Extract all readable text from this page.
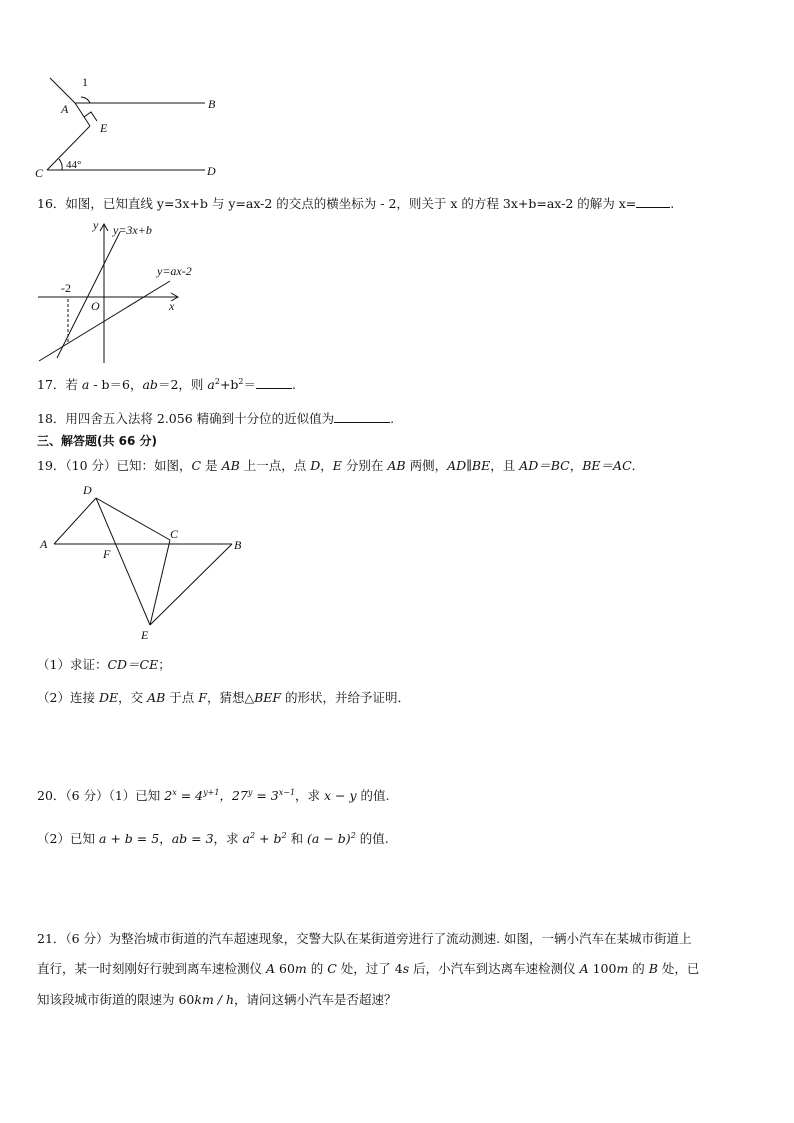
1
A	B
E
C	D
44°
16．如图，已知直线 y=3x+b 与 y=ax-2 的交点的横坐标为 - 2，则关于 x 的方程 3x+b=ax-2 的解为 x=	.
y y=3x+b
y=ax-2
-2
O	x
17．若 a - b＝6，ab＝2，则 $a^2+b^2=$	.
18．用四舍五入法将 2.056 精确到十分位的近似值为	.
三、解答题(共 66 分)
19．（10 分）已知：如图，C 是 AB 上一点，点 D，E 分别在 AB 两侧，AD∥BE，且 AD＝BC，BE＝AC．
D
A
F
C
B
E
（1）求证：CD＝CE；
（2）连接 DE，交 AB 于点 F，猜想△BEF 的形状，并给予证明．
20．（6 分）（1）已知 $2^x = 4^{y+1}$，$27^y = 3^{x-1}$，求 x − y 的值.
（2）已知 a + b = 5，ab = 3，求 $a^2 + b^2$ 和 $(a - b)^2$ 的值.
21．（6 分）为整治城市街道的汽车超速现象，交警大队在某街道旁进行了流动测速. 如图，一辆小汽车在某城市街道上
直行，某一时刻刚好行驶到离车速检测仪 A 60m 的 C 处，过了 4s 后，小汽车到达离车速检测仪 A 100m 的 B 处，已
知该段城市街道的限速为 60km / h，请问这辆小汽车是否超速？
